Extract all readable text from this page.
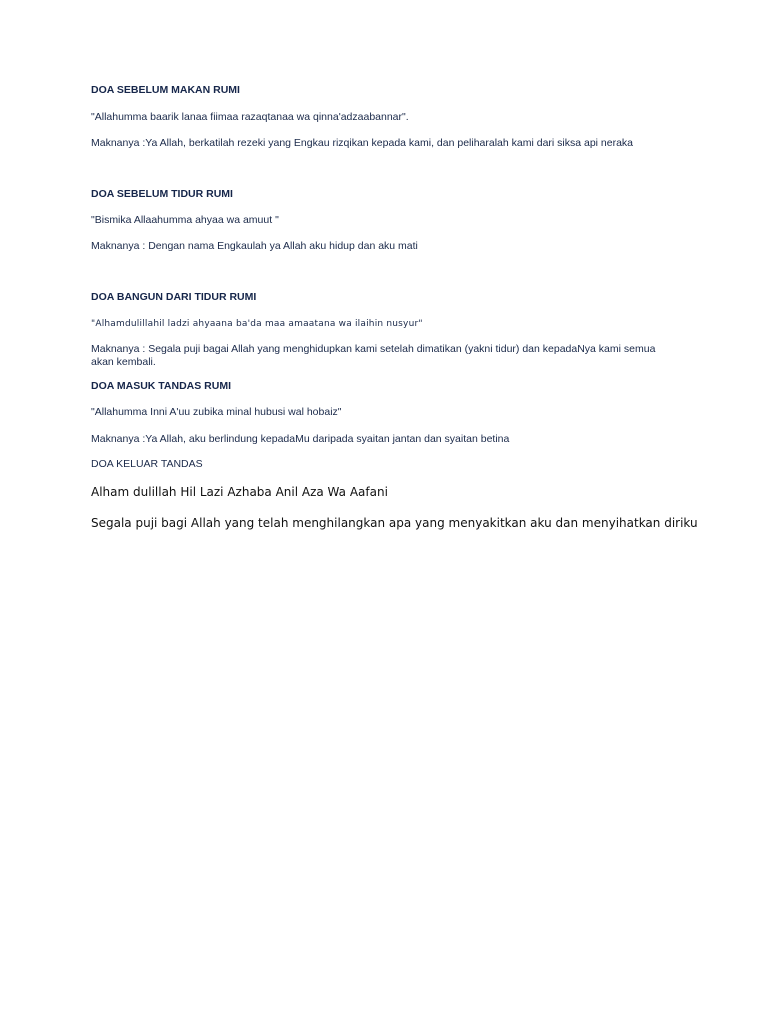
DOA SEBELUM MAKAN RUMI

"Allahumma baarik lanaa fiimaa razaqtanaa wa qinna'adzaabannar".

Maknanya :Ya Allah, berkatilah rezeki yang Engkau rizqikan kepada kami, dan peliharalah kami dari siksa api neraka

DOA SEBELUM TIDUR RUMI

"Bismika Allaahumma ahyaa wa amuut "

Maknanya : Dengan nama Engkaulah ya Allah aku hidup dan aku mati

DOA BANGUN DARI TIDUR RUMI

"Alhamdulillahil ladzi ahyaana ba'da maa amaatana wa ilaihin nusyur"

Maknanya : Segala puji bagai Allah yang menghidupkan kami setelah dimatikan (yakni tidur) dan kepadaNya kami semua akan kembali.

DOA MASUK TANDAS RUMI

"Allahumma Inni A'uu zubika minal hubusi wal hobaiz"

Maknanya :Ya Allah, aku berlindung kepadaMu daripada syaitan jantan dan syaitan betina

DOA KELUAR TANDAS

Alham dulillah Hil Lazi Azhaba Anil Aza Wa Aafani

Segala puji bagi Allah yang telah menghilangkan apa yang menyakitkan aku dan menyihatkan diriku
